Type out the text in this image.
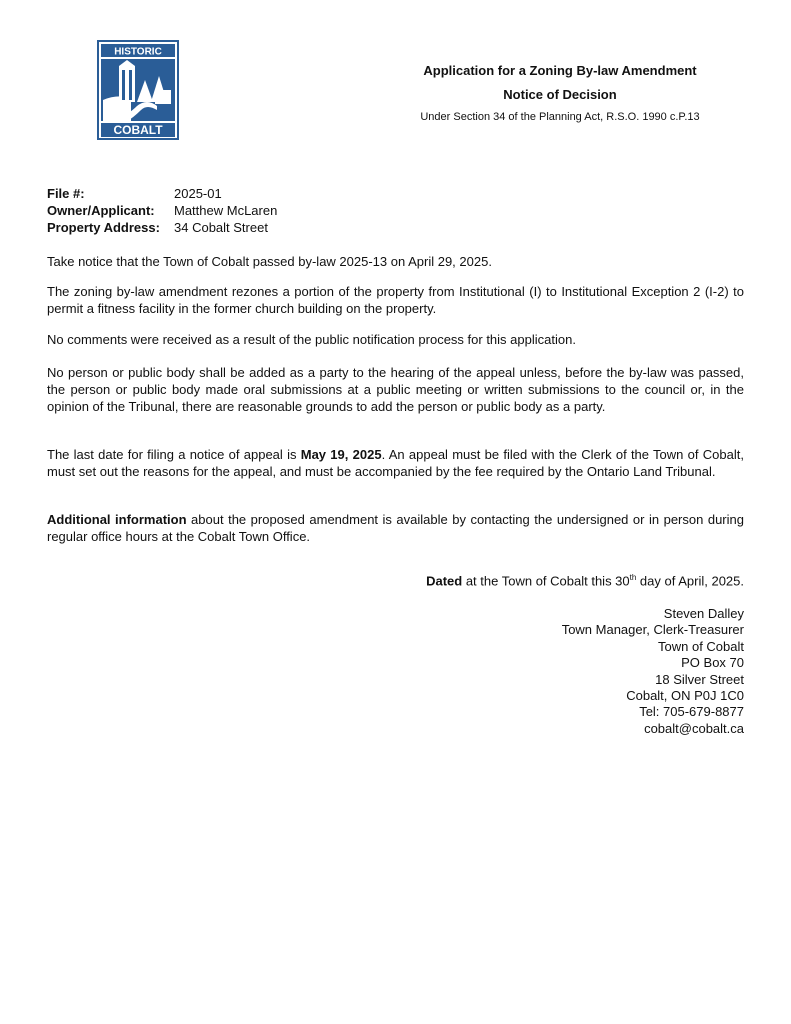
HISTORIC
COBALT
Application for a Zoning By-law Amendment
Notice of Decision
Under Section 34 of the Planning Act, R.S.O. 1990 c.P.13
File #:	2025-01
Owner/Applicant: Matthew McLaren
Property Address: 34 Cobalt Street
Take notice that the Town of Cobalt passed by-law 2025-13 on April 29, 2025.
The zoning by-law amendment rezones a portion of the property from Institutional (I) to Institutional Exception 2 (I-2) to permit a fitness facility in the former church building on the property.
No comments were received as a result of the public notification process for this application.
No person or public body shall be added as a party to the hearing of the appeal unless, before the by-law was passed, the person or public body made oral submissions at a public meeting or written submissions to the council or, in the opinion of the Tribunal, there are reasonable grounds to add the person or public body as a party.
The last date for filing a notice of appeal is May 19, 2025. An appeal must be filed with the Clerk of the Town of Cobalt, must set out the reasons for the appeal, and must be accompanied by the fee required by the Ontario Land Tribunal.
Additional information about the proposed amendment is available by contacting the undersigned or in person during regular office hours at the Cobalt Town Office.
Dated at the Town of Cobalt this 30th day of April, 2025.
Steven Dalley
Town Manager, Clerk-Treasurer
Town of Cobalt
PO Box 70
18 Silver Street
Cobalt, ON P0J 1C0
Tel: 705-679-8877
cobalt@cobalt.ca
